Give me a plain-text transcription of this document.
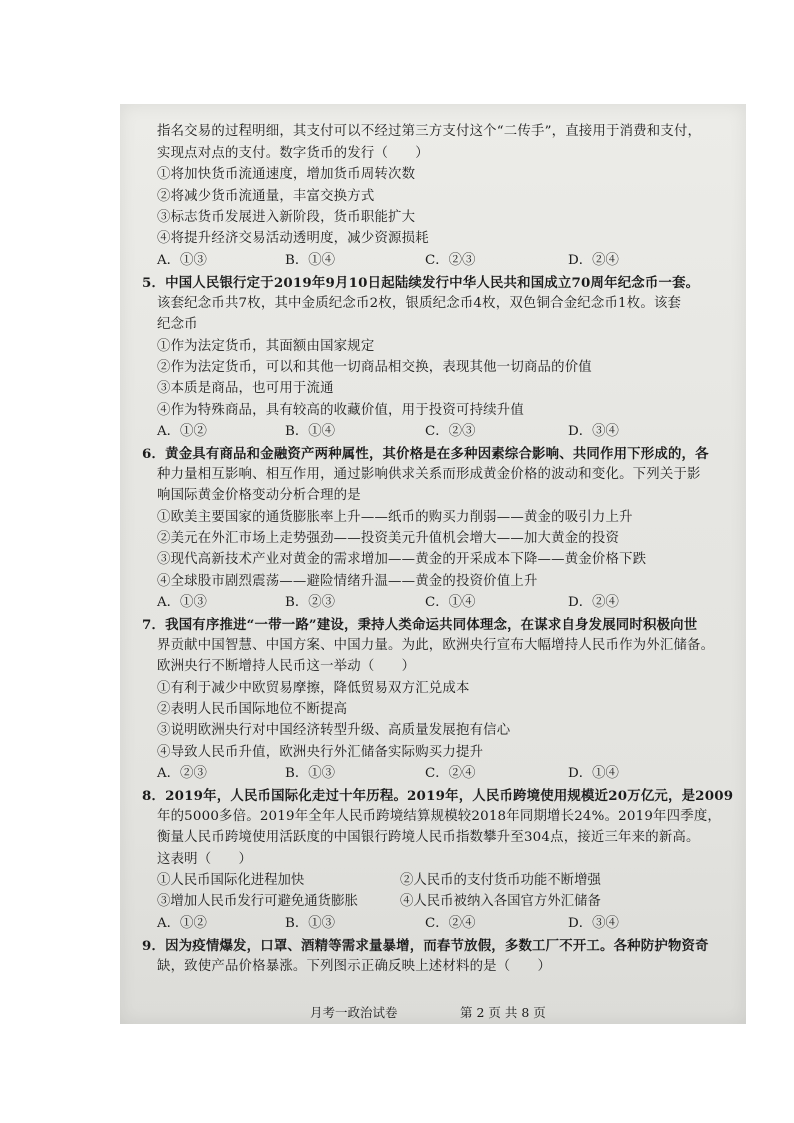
指名交易的过程明细，其支付可以不经过第三方支付这个“二传手”，直接用于消费和支付，
实现点对点的支付。数字货币的发行（　　）
①将加快货币流通速度，增加货币周转次数
②将减少货币流通量，丰富交换方式
③标志货币发展进入新阶段，货币职能扩大
④将提升经济交易活动透明度，减少资源损耗
A．①③	B．①④	C．②③	D．②④
5．中国人民银行定于2019年9月10日起陆续发行中华人民共和国成立70周年纪念币一套。
该套纪念币共7枚，其中金质纪念币2枚，银质纪念币4枚，双色铜合金纪念币1枚。该套
纪念币
①作为法定货币，其面额由国家规定
②作为法定货币，可以和其他一切商品相交换，表现其他一切商品的价值
③本质是商品，也可用于流通
④作为特殊商品，具有较高的收藏价值，用于投资可持续升值
A．①②	B．①④	C．②③	D．③④
6．黄金具有商品和金融资产两种属性，其价格是在多种因素综合影响、共同作用下形成的，各
种力量相互影响、相互作用，通过影响供求关系而形成黄金价格的波动和变化。下列关于影
响国际黄金价格变动分析合理的是
①欧美主要国家的通货膨胀率上升——纸币的购买力削弱——黄金的吸引力上升
②美元在外汇市场上走势强劲——投资美元升值机会增大——加大黄金的投资
③现代高新技术产业对黄金的需求增加——黄金的开采成本下降——黄金价格下跌
④全球股市剧烈震荡——避险情绪升温——黄金的投资价值上升
A．①③	B．②③	C．①④	D．②④
7．我国有序推进“一带一路”建设，秉持人类命运共同体理念，在谋求自身发展同时积极向世
界贡献中国智慧、中国方案、中国力量。为此，欧洲央行宣布大幅增持人民币作为外汇储备。
欧洲央行不断增持人民币这一举动（　　）
①有利于减少中欧贸易摩擦，降低贸易双方汇兑成本
②表明人民币国际地位不断提高
③说明欧洲央行对中国经济转型升级、高质量发展抱有信心
④导致人民币升值，欧洲央行外汇储备实际购买力提升
A．②③	B．①③	C．②④	D．①④
8．2019年，人民币国际化走过十年历程。2019年，人民币跨境使用规模近20万亿元，是2009
年的5000多倍。2019年全年人民币跨境结算规模较2018年同期增长24%。2019年四季度，
衡量人民币跨境使用活跃度的中国银行跨境人民币指数攀升至304点，接近三年来的新高。
这表明（　　）
①人民币国际化进程加快	②人民币的支付货币功能不断增强
③增加人民币发行可避免通货膨胀	④人民币被纳入各国官方外汇储备
A．①②	B．①③	C．②④	D．③④
9．因为疫情爆发，口罩、酒精等需求量暴增，而春节放假，多数工厂不开工。各种防护物资奇
缺，致使产品价格暴涨。下列图示正确反映上述材料的是（　　）
月考一政治试卷	第 2 页 共 8 页
